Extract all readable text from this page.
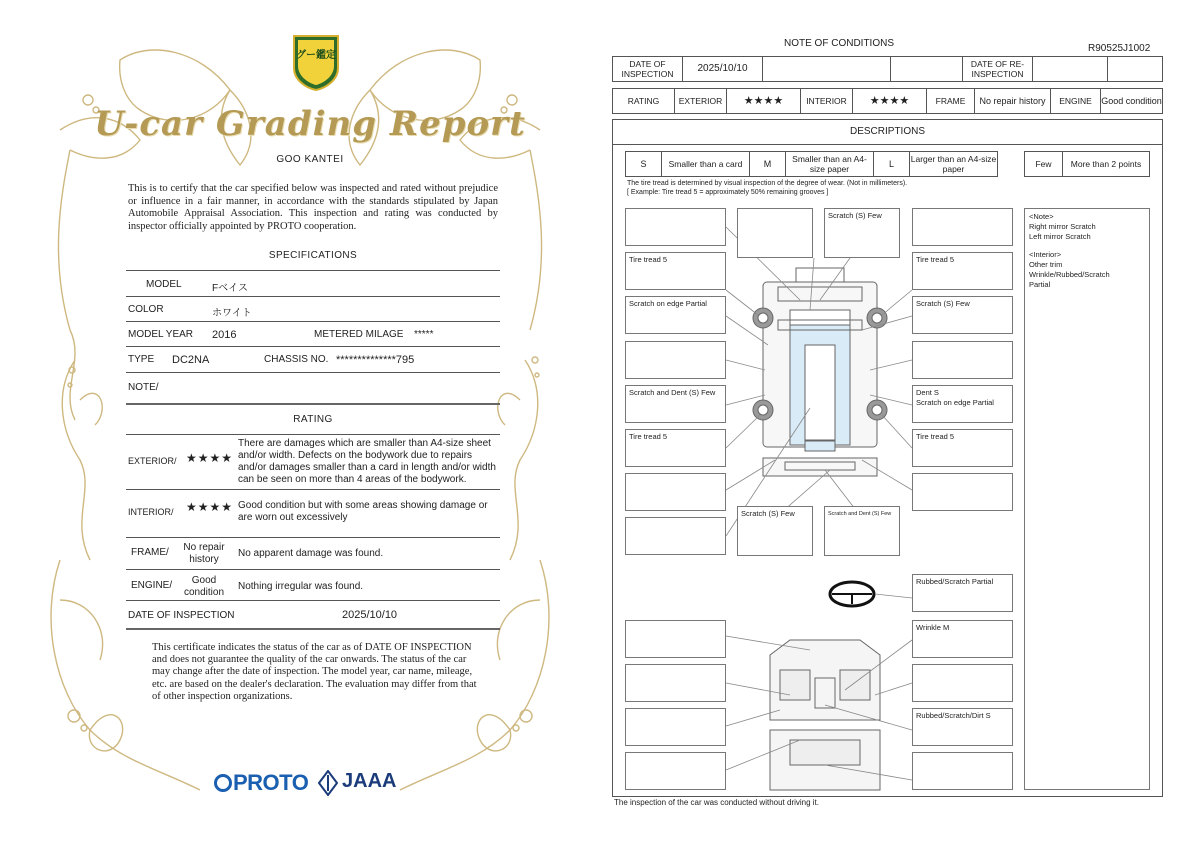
グー鑑定
U-car Grading Report
GOO KANTEI
This is to certify that the car specified below was inspected and rated without prejudice or influence in a fair manner, in accordance with the standards stipulated by Japan Automobile Appraisal Association. This inspection and rating was conducted by inspector officially appointed by PROTO cooperation.
SPECIFICATIONS
MODEL	Fベイス
COLOR	ホワイト
MODEL YEAR 2016	METERED MILAGE *****
TYPE DC2NA	CHASSIS NO. **************795
NOTE/
RATING
EXTERIOR/ ★★★★
There are damages which are smaller than A4-size sheet and/or width. Defects on the bodywork due to repairs and/or damages smaller than a card in length and/or width can be seen on more than 4 areas of the bodywork.
INTERIOR/ ★★★★ Good condition but with some areas showing damage or are worn out excessively
FRAME/	No repair history
No apparent damage was found.
ENGINE/	Good condition
Nothing irregular was found.
DATE OF INSPECTION	2025/10/10
This certificate indicates the status of the car as of DATE OF INSPECTION and does not guarantee the quality of the car onwards. The status of the car may change after the date of inspection. The model year, car name, mileage, etc. are based on the dealer's declaration. The evaluation may differ from that of other inspection organizations.
PROTO JAAA
NOTE OF CONDITIONS	R90525J1002
DATE OF INSPECTION	2025/10/10	DATE OF RE-INSPECTION
RATING	EXTERIOR	★★★★	INTERIOR	★★★★	FRAME	No repair history	ENGINE	Good condition
DESCRIPTIONS
S	Smaller than a card	M	Smaller than an A4-size paper	L	Larger than an A4-size paper	Few	More than 2 points
The tire tread is determined by visual inspection of the degree of wear. (Not in millimeters).
[ Example: Tire tread 5 = approximately 50% remaining grooves ]
Tire tread 5
Scratch on edge Partial
Scratch and Dent (S) Few
Tire tread 5
Scratch (S) Few
Scratch (S) Few	Scratch and Dent (S) Few
Tire tread 5
Scratch (S) Few
Dent S
Scratch on edge Partial
Tire tread 5
Rubbed/Scratch Partial
Wrinkle M
Rubbed/Scratch/Dirt S
<Note>
Right mirror Scratch
Left mirror Scratch
<Interior>
Other trim
Wrinkle/Rubbed/Scratch
Partial
The inspection of the car was conducted without driving it.
